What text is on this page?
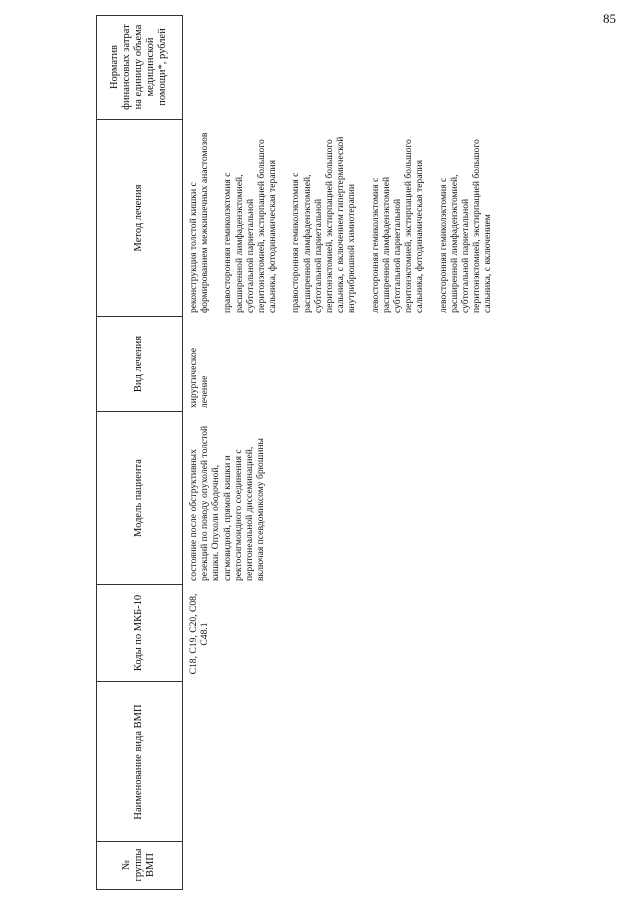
85
№ группы ВМП
Наименование вида ВМП
Коды по МКБ-10
Модель пациента
Вид лечения
Метод лечения
Норматив финансовых затрат на единицу объема медицинской помощи*, рублей
C18, C19, C20, C08, C48.1
состояние после обструктивных резекций по поводу опухолей толстой кишки. Опухоли ободочной, сигмовидной, прямой кишки и ректосигмоидного соединения с перитонеальной диссеминацией, включая псевдомиксому брюшины
хирургическое лечение
реконструкция толстой кишки с формированием межкишечных анастомозов правосторонняя гемиколэктомия с расширенной лимфаденэктомией, субтотальной париетальной перитонэктомией, экстирпацией большого сальника, фотодинамическая терапия правосторонняя гемиколэктомия с расширенной лимфаденэктомией, субтотальной париетальной перитонэктомией, экстирпацией большого сальника, с включением гипертермической внутрибрюшной химиотерапии левосторонняя гемиколэктомия с расширенной лимфаденэктомией субтотальной париетальной перитонэктомией, экстирпацией большого сальника, фотодинамическая терапия левосторонняя гемиколэктомия с расширенной лимфаденэктомией, субтотальной париетальной перитонэктомией, экстирпацией большого сальника, с включением
